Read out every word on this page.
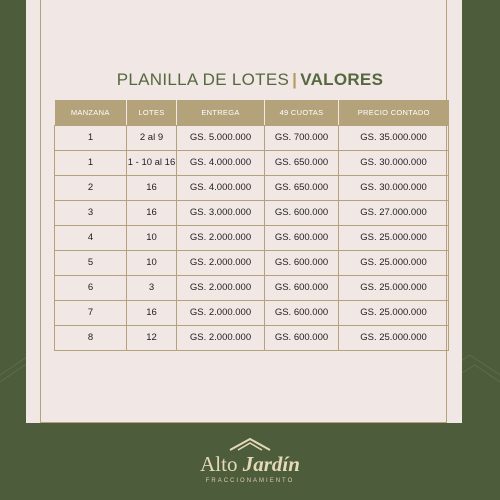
PLANILLA DE LOTES | VALORES
MANZANA	LOTES	ENTREGA	49 CUOTAS	PRECIO CONTADO
1	2 al 9	GS. 5.000.000	GS. 700.000	GS. 35.000.000
1	1 - 10 al 16	GS. 4.000.000	GS. 650.000	GS. 30.000.000
2	16	GS. 4.000.000	GS. 650.000	GS. 30.000.000
3	16	GS. 3.000.000	GS. 600.000	GS. 27.000.000
4	10	GS. 2.000.000	GS. 600.000	GS. 25.000.000
5	10	GS. 2.000.000	GS. 600.000	GS. 25.000.000
6	3	GS. 2.000.000	GS. 600.000	GS. 25.000.000
7	16	GS. 2.000.000	GS. 600.000	GS. 25.000.000
8	12	GS. 2.000.000	GS. 600.000	GS. 25.000.000
Alto Jardín
FRACCIONAMIENTO
